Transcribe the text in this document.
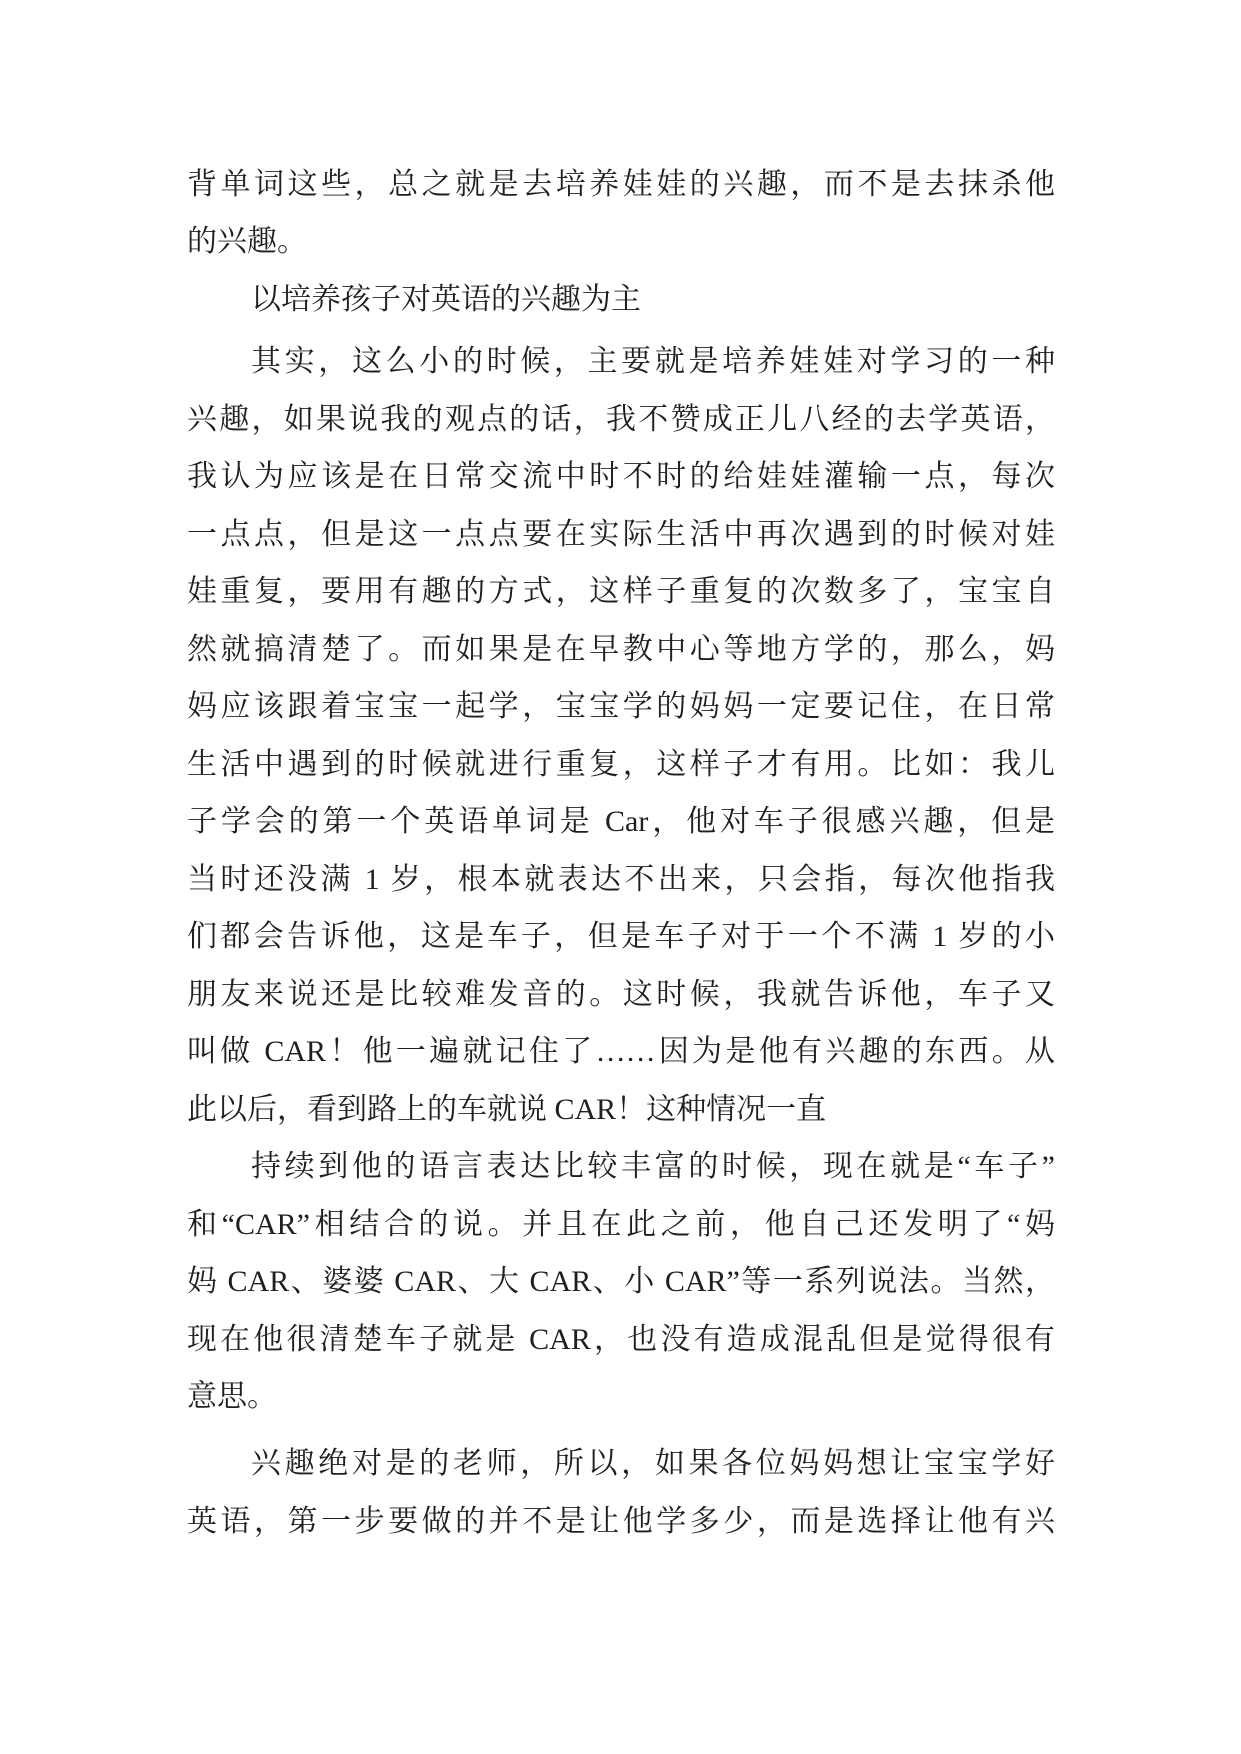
背单词这些，总之就是去培养娃娃的兴趣，而不是去抹杀他
的兴趣。
以培养孩子对英语的兴趣为主
其实，这么小的时候，主要就是培养娃娃对学习的一种
兴趣，如果说我的观点的话，我不赞成正儿八经的去学英语，
我认为应该是在日常交流中时不时的给娃娃灌输一点，每次
一点点，但是这一点点要在实际生活中再次遇到的时候对娃
娃重复，要用有趣的方式，这样子重复的次数多了，宝宝自
然就搞清楚了。而如果是在早教中心等地方学的，那么，妈
妈应该跟着宝宝一起学，宝宝学的妈妈一定要记住，在日常
生活中遇到的时候就进行重复，这样子才有用。比如：我儿
子学会的第一个英语单词是 Car，他对车子很感兴趣，但是
当时还没满 1 岁，根本就表达不出来，只会指，每次他指我
们都会告诉他，这是车子，但是车子对于一个不满 1 岁的小
朋友来说还是比较难发音的。这时候，我就告诉他，车子又
叫做 CAR！他一遍就记住了……因为是他有兴趣的东西。从
此以后，看到路上的车就说 CAR！这种情况一直
持续到他的语言表达比较丰富的时候，现在就是“车子”
和“CAR”相结合的说。并且在此之前，他自己还发明了“妈
妈 CAR、婆婆 CAR、大 CAR、小 CAR”等一系列说法。当然，
现在他很清楚车子就是 CAR，也没有造成混乱但是觉得很有
意思。
兴趣绝对是的老师，所以，如果各位妈妈想让宝宝学好
英语，第一步要做的并不是让他学多少，而是选择让他有兴
